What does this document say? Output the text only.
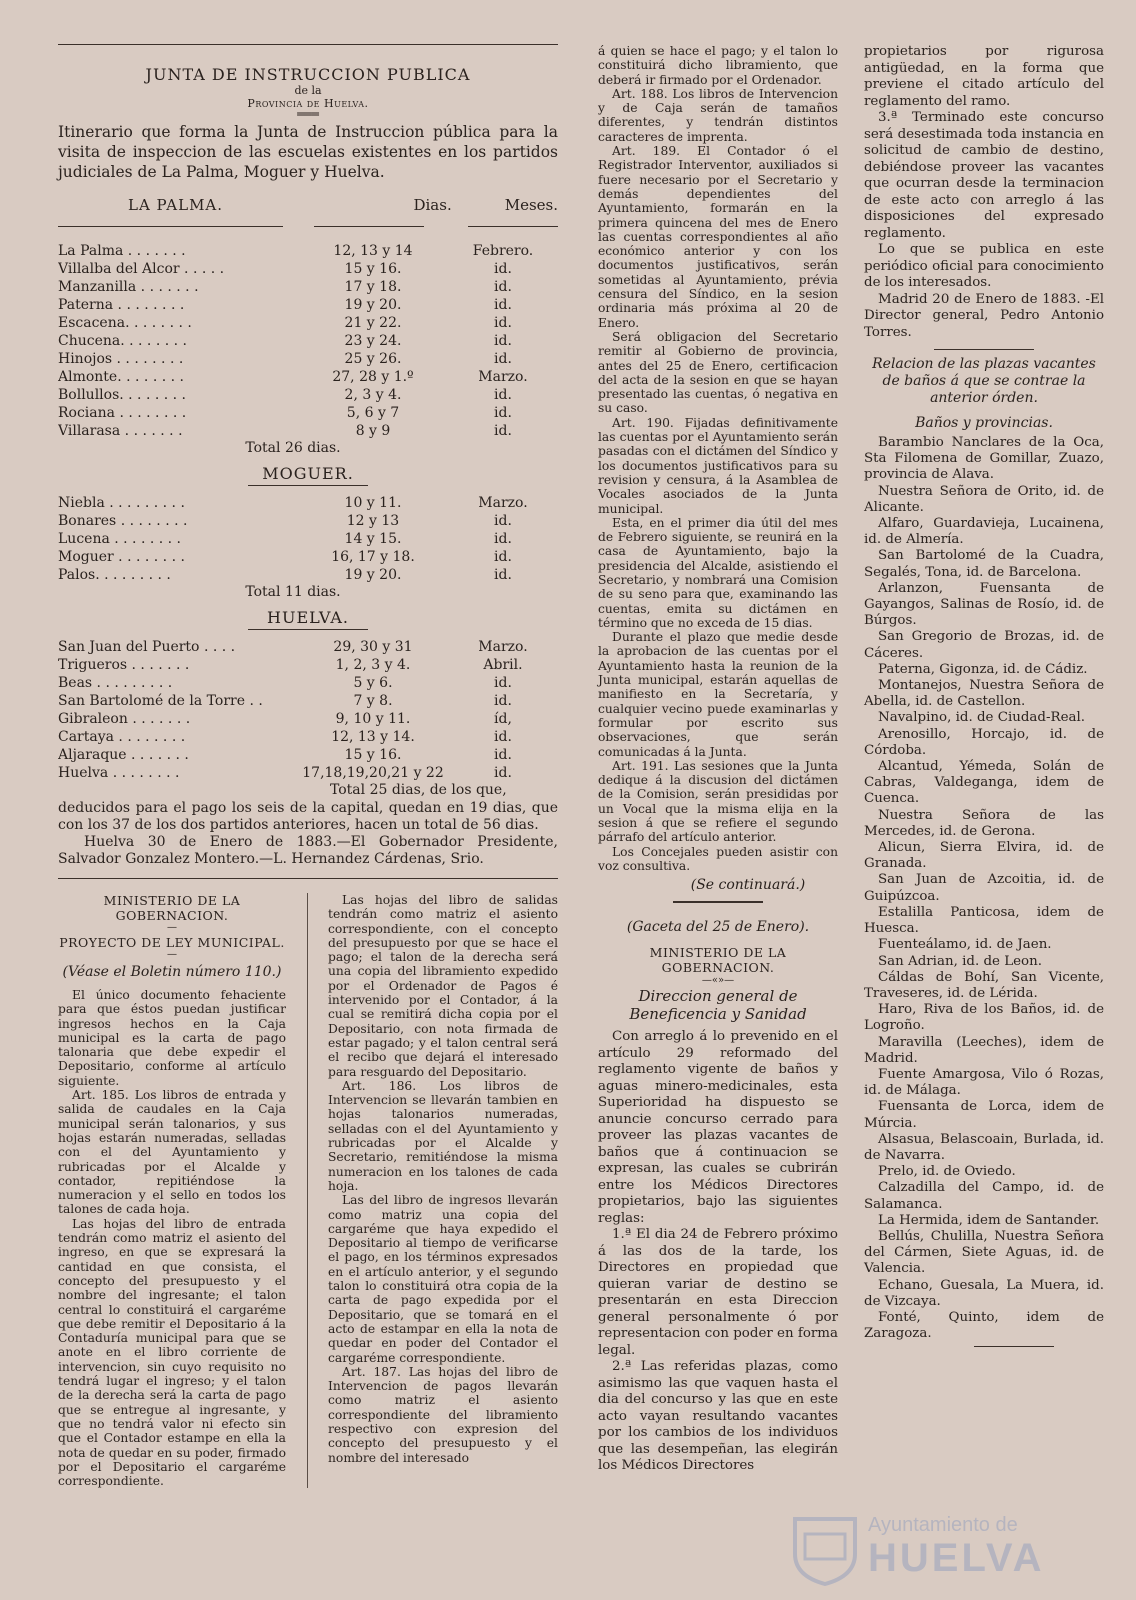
JUNTA DE INSTRUCCION PUBLICA
de la
Provincia de Huelva.
═══
Itinerario que forma la Junta de Instruccion pública para la visita de inspeccion de las escuelas existentes en los partidos judiciales de La Palma, Moguer y Huelva.
LA PALMA.	Dias.	Meses.
La Palma . . . . . . .	12, 13 y 14	Febrero.
Villalba del Alcor . . . . .	15 y 16.	id.
Manzanilla . . . . . . .	17 y 18.	id.
Paterna . . . . . . . .	19 y 20.	id.
Escacena. . . . . . . .	21 y 22.	id.
Chucena. . . . . . . .	23 y 24.	id.
Hinojos . . . . . . . .	25 y 26.	id.
Almonte. . . . . . . .	27, 28 y 1.º	Marzo.
Bollullos. . . . . . . .	2, 3 y 4.	id.
Rociana . . . . . . . .	5, 6 y 7	id.
Villarasa . . . . . . .	8 y 9	id.
Total 26 dias.
MOGUER.
Niebla . . . . . . . . .	10 y 11.	Marzo.
Bonares . . . . . . . .	12 y 13	id.
Lucena . . . . . . . .	14 y 15.	id.
Moguer . . . . . . . .	16, 17 y 18.	id.
Palos. . . . . . . . .	19 y 20.	id.
Total 11 dias.
HUELVA.
San Juan del Puerto . . . .	29, 30 y 31	Marzo.
Trigueros . . . . . . .	1, 2, 3 y 4.	Abril.
Beas . . . . . . . . .	5 y 6.	id.
San Bartolomé de la Torre . .	7 y 8.	id.
Gibraleon . . . . . . .	9, 10 y 11.	íd,
Cartaya . . . . . . . .	12, 13 y 14.	id.
Aljaraque . . . . . . .	15 y 16.	id.
Huelva . . . . . . . .	17,18,19,20,21 y 22	id.
Total 25 dias, de los que,
deducidos para el pago los seis de la capital, quedan en 19 dias, que con los 37 de los dos partidos anteriores, hacen un total de 56 dias.
Huelva 30 de Enero de 1883.—El Gobernador Presidente, Salvador Gonzalez Montero.—L. Hernandez Cárdenas, Srio.
MINISTERIO DE LA GOBERNACION.
—
PROYECTO DE LEY MUNICIPAL.
—
(Véase el Boletin número 110.)

El único documento fehaciente para que éstos puedan justificar ingresos hechos en la Caja municipal es la carta de pago talonaria que debe expedir el Depositario, conforme al artículo siguiente.

Art. 185. Los libros de entrada y salida de caudales en la Caja municipal serán talonarios, y sus hojas estarán numeradas, selladas con el del Ayuntamiento y rubricadas por el Alcalde y contador, repitiéndose la numeracion y el sello en todos los talones de cada hoja.

Las hojas del libro de entrada tendrán como matriz el asiento del ingreso, en que se expresará la cantidad en que consista, el concepto del presupuesto y el nombre del ingresante; el talon central lo constituirá el cargaréme que debe remitir el Depositario á la Contaduría municipal para que se anote en el libro corriente de intervencion, sin cuyo requisito no tendrá lugar el ingreso; y el talon de la derecha será la carta de pago que se entregue al ingresante, y que no tendrá valor ni efecto sin que el Contador estampe en ella la nota de quedar en su poder, firmado por el Depositario el cargaréme correspondiente.

Las hojas del libro de salidas tendrán como matriz el asiento correspondiente, con el concepto del presupuesto por que se hace el pago; el talon de la derecha será una copia del libramiento expedido por el Ordenador de Pagos é intervenido por el Contador, á la cual se remitirá dicha copia por el Depositario, con nota firmada de estar pagado; y el talon central será el recibo que dejará el interesado para resguardo del Depositario.

Art. 186. Los libros de Intervencion se llevarán tambien en hojas talonarios numeradas, selladas con el del Ayuntamiento y rubricadas por el Alcalde y Secretario, remitiéndose la misma numeracion en los talones de cada hoja.

Las del libro de ingresos llevarán como matriz una copia del cargaréme que haya expedido el Depositario al tiempo de verificarse el pago, en los términos expresados en el artículo anterior, y el segundo talon lo constituirá otra copia de la carta de pago expedida por el Depositario, que se tomará en el acto de estampar en ella la nota de quedar en poder del Contador el cargaréme correspondiente.

Art. 187. Las hojas del libro de Intervencion de pagos llevarán como matriz el asiento correspondiente del libramiento respectivo con expresion del concepto del presupuesto y el nombre del interesado

á quien se hace el pago; y el talon lo constituirá dicho libramiento, que deberá ir firmado por el Ordenador.

Art. 188. Los libros de Intervencion y de Caja serán de tamaños diferentes, y tendrán distintos caracteres de imprenta.

Art. 189. El Contador ó el Registrador Interventor, auxiliados si fuere necesario por el Secretario y demás dependientes del Ayuntamiento, formarán en la primera quincena del mes de Enero las cuentas correspondientes al año económico anterior y con los documentos justificativos, serán sometidas al Ayuntamiento, prévia censura del Síndico, en la sesion ordinaria más próxima al 20 de Enero.

Será obligacion del Secretario remitir al Gobierno de provincia, antes del 25 de Enero, certificacion del acta de la sesion en que se hayan presentado las cuentas, ó negativa en su caso.

Art. 190. Fijadas definitivamente las cuentas por el Ayuntamiento serán pasadas con el dictámen del Síndico y los documentos justificativos para su revision y censura, á la Asamblea de Vocales asociados de la Junta municipal.

Esta, en el primer dia útil del mes de Febrero siguiente, se reunirá en la casa de Ayuntamiento, bajo la presidencia del Alcalde, asistiendo el Secretario, y nombrará una Comision de su seno para que, examinando las cuentas, emita su dictámen en término que no exceda de 15 dias.

Durante el plazo que medie desde la aprobacion de las cuentas por el Ayuntamiento hasta la reunion de la Junta municipal, estarán aquellas de manifiesto en la Secretaría, y cualquier vecino puede examinarlas y formular por escrito sus observaciones, que serán comunicadas á la Junta.

Art. 191. Las sesiones que la Junta dedique á la discusion del dictámen de la Comision, serán presididas por un Vocal que la misma elija en la sesion á que se refiere el segundo párrafo del artículo anterior.

Los Concejales pueden asistir con voz consultiva.

(Se continuará.)
(Gaceta del 25 de Enero).
MINISTERIO DE LA GOBERNACION.
—«»—
Direccion general de Beneficencia y Sanidad

Con arreglo á lo prevenido en el artículo 29 reformado del reglamento vigente de baños y aguas minero-medicinales, esta Superioridad ha dispuesto se anuncie concurso cerrado para proveer las plazas vacantes de baños que á continuacion se expresan, las cuales se cubrirán entre los Médicos Directores propietarios, bajo las siguientes reglas:

1.ª El dia 24 de Febrero próximo á las dos de la tarde, los Directores en propiedad que quieran variar de destino se presentarán en esta Direccion general personalmente ó por representacion con poder en forma legal.

2.ª Las referidas plazas, como asimismo las que vaquen hasta el dia del concurso y las que en este acto vayan resultando vacantes por los cambios de los individuos que las desempeñan, las elegirán los Médicos Directores

propietarios por rigurosa antigüedad, en la forma que previene el citado artículo del reglamento del ramo.

3.ª Terminado este concurso será desestimada toda instancia en solicitud de cambio de destino, debiéndose proveer las vacantes que ocurran desde la terminacion de este acto con arreglo á las disposiciones del expresado reglamento.

Lo que se publica en este periódico oficial para conocimiento de los interesados.

Madrid 20 de Enero de 1883. -El Director general, Pedro Antonio Torres.

Relacion de las plazas vacantes de baños á que se contrae la anterior órden.
Baños y provincias.

Barambio Nanclares de la Oca, Sta Filomena de Gomillar, Zuazo, provincia de Alava.

Nuestra Señora de Orito, id. de Alicante.

Alfaro, Guardavieja, Lucainena, id. de Almería.

San Bartolomé de la Cuadra, Segalés, Tona, id. de Barcelona.

Arlanzon, Fuensanta de Gayangos, Salinas de Rosío, id. de Búrgos.

San Gregorio de Brozas, id. de Cáceres.

Paterna, Gigonza, id. de Cádiz.

Montanejos, Nuestra Señora de Abella, id. de Castellon.

Navalpino, id. de Ciudad-Real.

Arenosillo, Horcajo, id. de Córdoba.

Alcantud, Yémeda, Solán de Cabras, Valdeganga, idem de Cuenca.

Nuestra Señora de las Mercedes, id. de Gerona.

Alicun, Sierra Elvira, id. de Granada.

San Juan de Azcoitia, id. de Guipúzcoa.

Estalilla Panticosa, idem de Huesca.

Fuenteálamo, id. de Jaen.

San Adrian, id. de Leon.

Cáldas de Bohí, San Vicente, Traveseres, id. de Lérida.

Haro, Riva de los Baños, id. de Logroño.

Maravilla (Leeches), idem de Madrid.

Fuente Amargosa, Vilo ó Rozas, id. de Málaga.

Fuensanta de Lorca, idem de Múrcia.

Alsasua, Belascoain, Burlada, id. de Navarra.

Prelo, id. de Oviedo.

Calzadilla del Campo, id. de Salamanca.

La Hermida, idem de Santander.

Bellús, Chulilla, Nuestra Señora del Cármen, Siete Aguas, id. de Valencia.

Echano, Guesala, La Muera, id. de Vizcaya.

Fonté, Quinto, idem de Zaragoza.

Ayuntamiento de
HUELVA
